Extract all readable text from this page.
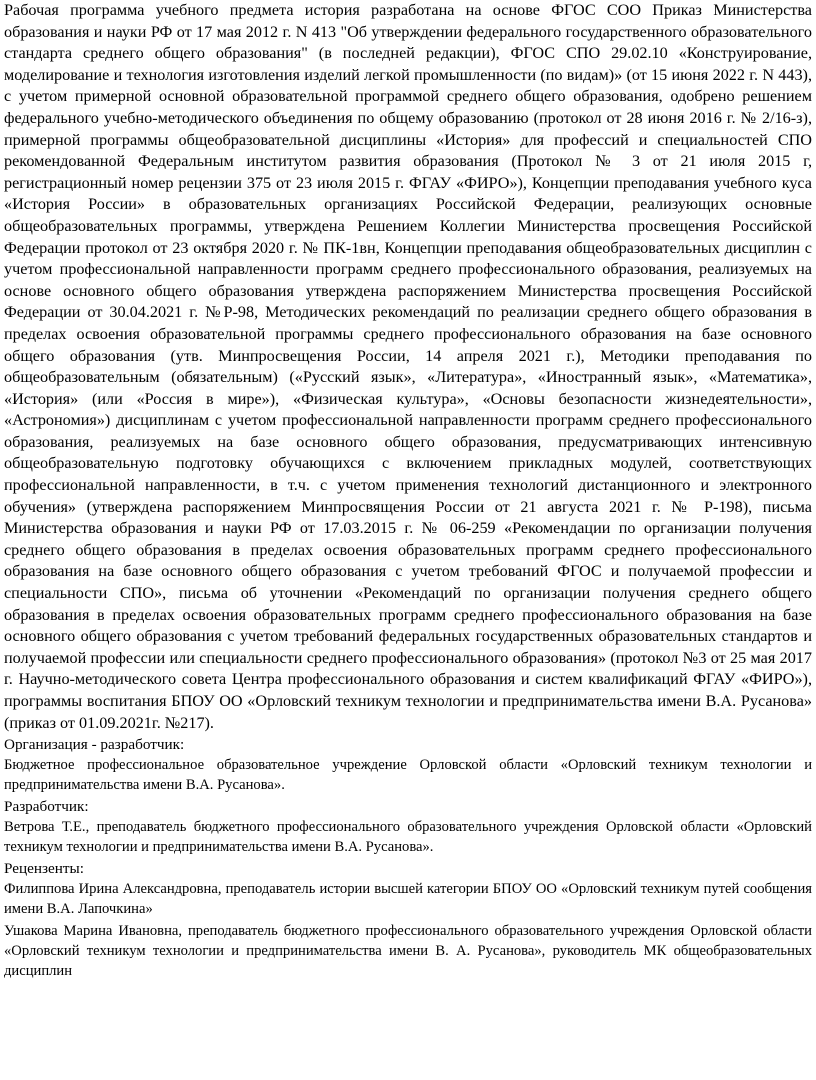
Рабочая программа учебного предмета история разработана на основе ФГОС СОО Приказ Министерства образования и науки РФ от 17 мая 2012 г. N 413 "Об утверждении федерального государственного образовательного стандарта среднего общего образования" (в последней редакции), ФГОС СПО 29.02.10 «Конструирование, моделирование и технология изготовления изделий легкой промышленности (по видам)» (от 15 июня 2022 г. N 443), с учетом примерной основной образовательной программой среднего общего образования, одобрено решением федерального учебно-методического объединения по общему образованию (протокол от 28 июня 2016 г. № 2/16-з), примерной программы общеобразовательной дисциплины «История» для профессий и специальностей СПО рекомендованной Федеральным институтом развития образования (Протокол № 3 от 21 июля 2015 г, регистрационный номер рецензии 375 от 23 июля 2015 г. ФГАУ «ФИРО»), Концепции преподавания учебного куса «История России» в образовательных организациях Российской Федерации, реализующих основные общеобразовательных программы, утверждена Решением Коллегии Министерства просвещения Российской Федерации протокол от 23 октября 2020 г. № ПК-1вн, Концепции преподавания общеобразовательных дисциплин с учетом профессиональной направленности программ среднего профессионального образования, реализуемых на основе основного общего образования утверждена распоряжением Министерства просвещения Российской Федерации от 30.04.2021 г. №Р-98, Методических рекомендаций по реализации среднего общего образования в пределах освоения образовательной программы среднего профессионального образования на базе основного общего образования (утв. Минпросвещения России, 14 апреля 2021 г.), Методики преподавания по общеобразовательным (обязательным) («Русский язык», «Литература», «Иностранный язык», «Математика», «История» (или «Россия в мире»), «Физическая культура», «Основы безопасности жизнедеятельности», «Астрономия») дисциплинам с учетом профессиональной направленности программ среднего профессионального образования, реализуемых на базе основного общего образования, предусматривающих интенсивную общеобразовательную подготовку обучающихся с включением прикладных модулей, соответствующих профессиональной направленности, в т.ч. с учетом применения технологий дистанционного и электронного обучения» (утверждена распоряжением Минпросвящения России от 21 августа 2021 г. № Р-198), письма Министерства образования и науки РФ от 17.03.2015 г. № 06-259 «Рекомендации по организации получения среднего общего образования в пределах освоения образовательных программ среднего профессионального образования на базе основного общего образования с учетом требований ФГОС и получаемой профессии и специальности СПО», письма об уточнении «Рекомендаций по организации получения среднего общего образования в пределах освоения образовательных программ среднего профессионального образования на базе основного общего образования с учетом требований федеральных государственных образовательных стандартов и получаемой профессии или специальности среднего профессионального образования» (протокол №3 от 25 мая 2017 г. Научно-методического совета Центра профессионального образования и систем квалификаций ФГАУ «ФИРО»), программы воспитания БПОУ ОО «Орловский техникум технологии и предпринимательства имени В.А. Русанова» (приказ от 01.09.2021г. №217).

Организация - разработчик:

Бюджетное профессиональное образовательное учреждение Орловской области «Орловский техникум технологии и предпринимательства имени В.А. Русанова».

Разработчик:

Ветрова Т.Е., преподаватель бюджетного профессионального образовательного учреждения Орловской области «Орловский техникум технологии и предпринимательства имени В.А. Русанова».

Рецензенты:

Филиппова Ирина Александровна, преподаватель истории высшей категории БПОУ ОО «Орловский техникум путей сообщения имени В.А. Лапочкина»

Ушакова Марина Ивановна, преподаватель бюджетного профессионального образовательного учреждения Орловской области «Орловский техникум технологии и предпринимательства имени В. А. Русанова», руководитель МК общеобразовательных дисциплин
